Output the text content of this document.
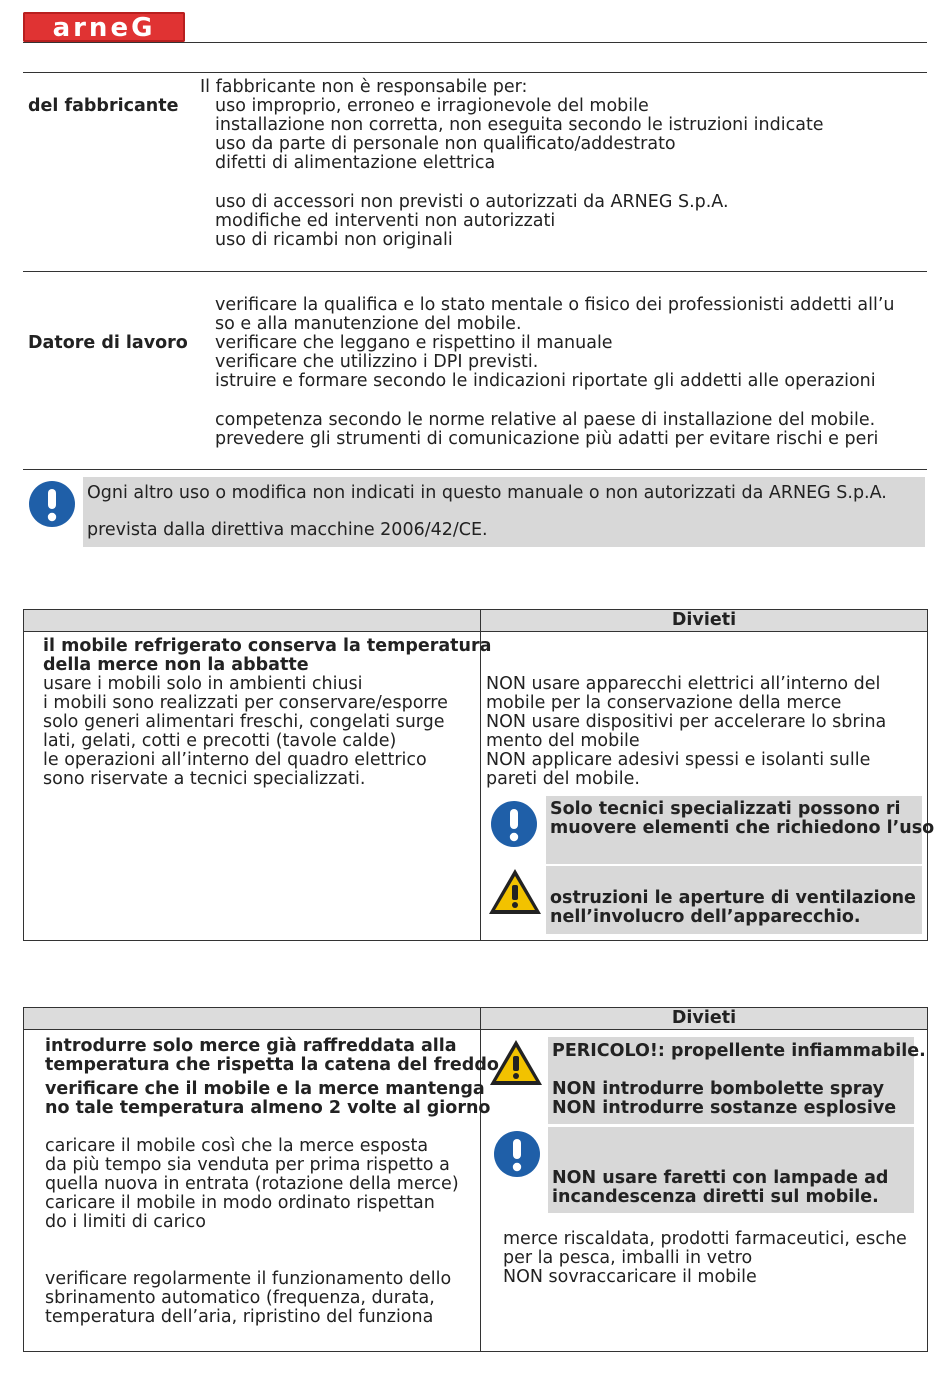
arneG
del fabbricante
Il fabbricante non è responsabile per:
uso improprio, erroneo e irragionevole del mobile
installazione non corretta, non eseguita secondo le istruzioni indicate
uso da parte di personale non qualificato/addestrato
difetti di alimentazione elettrica
uso di accessori non previsti o autorizzati da ARNEG S.p.A.
modifiche ed interventi non autorizzati
uso di ricambi non originali
Datore di lavoro
verificare la qualifica e lo stato mentale o fisico dei professionisti addetti all’u
so e alla manutenzione del mobile.
verificare che leggano e rispettino il manuale
verificare che utilizzino i DPI previsti.
istruire e formare secondo le indicazioni riportate gli addetti alle operazioni
competenza secondo le norme relative al paese di installazione del mobile.
prevedere gli strumenti di comunicazione più adatti per evitare rischi e peri
Ogni altro uso o modifica non indicati in questo manuale o non autorizzati da ARNEG S.p.A.
prevista dalla direttiva macchine 2006/42/CE.
Divieti
il mobile refrigerato conserva la temperatura
della merce non la abbatte
usare i mobili solo in ambienti chiusi
i mobili sono realizzati per conservare/esporre
solo generi alimentari freschi, congelati surge
lati, gelati, cotti e precotti (tavole calde)
le operazioni all’interno del quadro elettrico
sono riservate a tecnici specializzati.
NON usare apparecchi elettrici all’interno del
mobile per la conservazione della merce
NON usare dispositivi per accelerare lo sbrina
mento del mobile
NON applicare adesivi spessi e isolanti sulle
pareti del mobile.
Solo tecnici specializzati possono ri
muovere elementi che richiedono l’uso
ostruzioni le aperture di ventilazione
nell’involucro dell’apparecchio.
Divieti
introdurre solo merce già raffreddata alla
temperatura che rispetta la catena del freddo
verificare che il mobile e la merce mantenga
no tale temperatura almeno 2 volte al giorno
caricare il mobile così che la merce esposta
da più tempo sia venduta per prima rispetto a
quella nuova in entrata (rotazione della merce)
caricare il mobile in modo ordinato rispettan
do i limiti di carico
verificare regolarmente il funzionamento dello
sbrinamento automatico (frequenza, durata,
temperatura dell’aria, ripristino del funziona
PERICOLO!: propellente infiammabile.
NON introdurre bombolette spray
NON introdurre sostanze esplosive
NON usare faretti con lampade ad
incandescenza diretti sul mobile.
merce riscaldata, prodotti farmaceutici, esche
per la pesca, imballi in vetro
NON sovraccaricare il mobile
